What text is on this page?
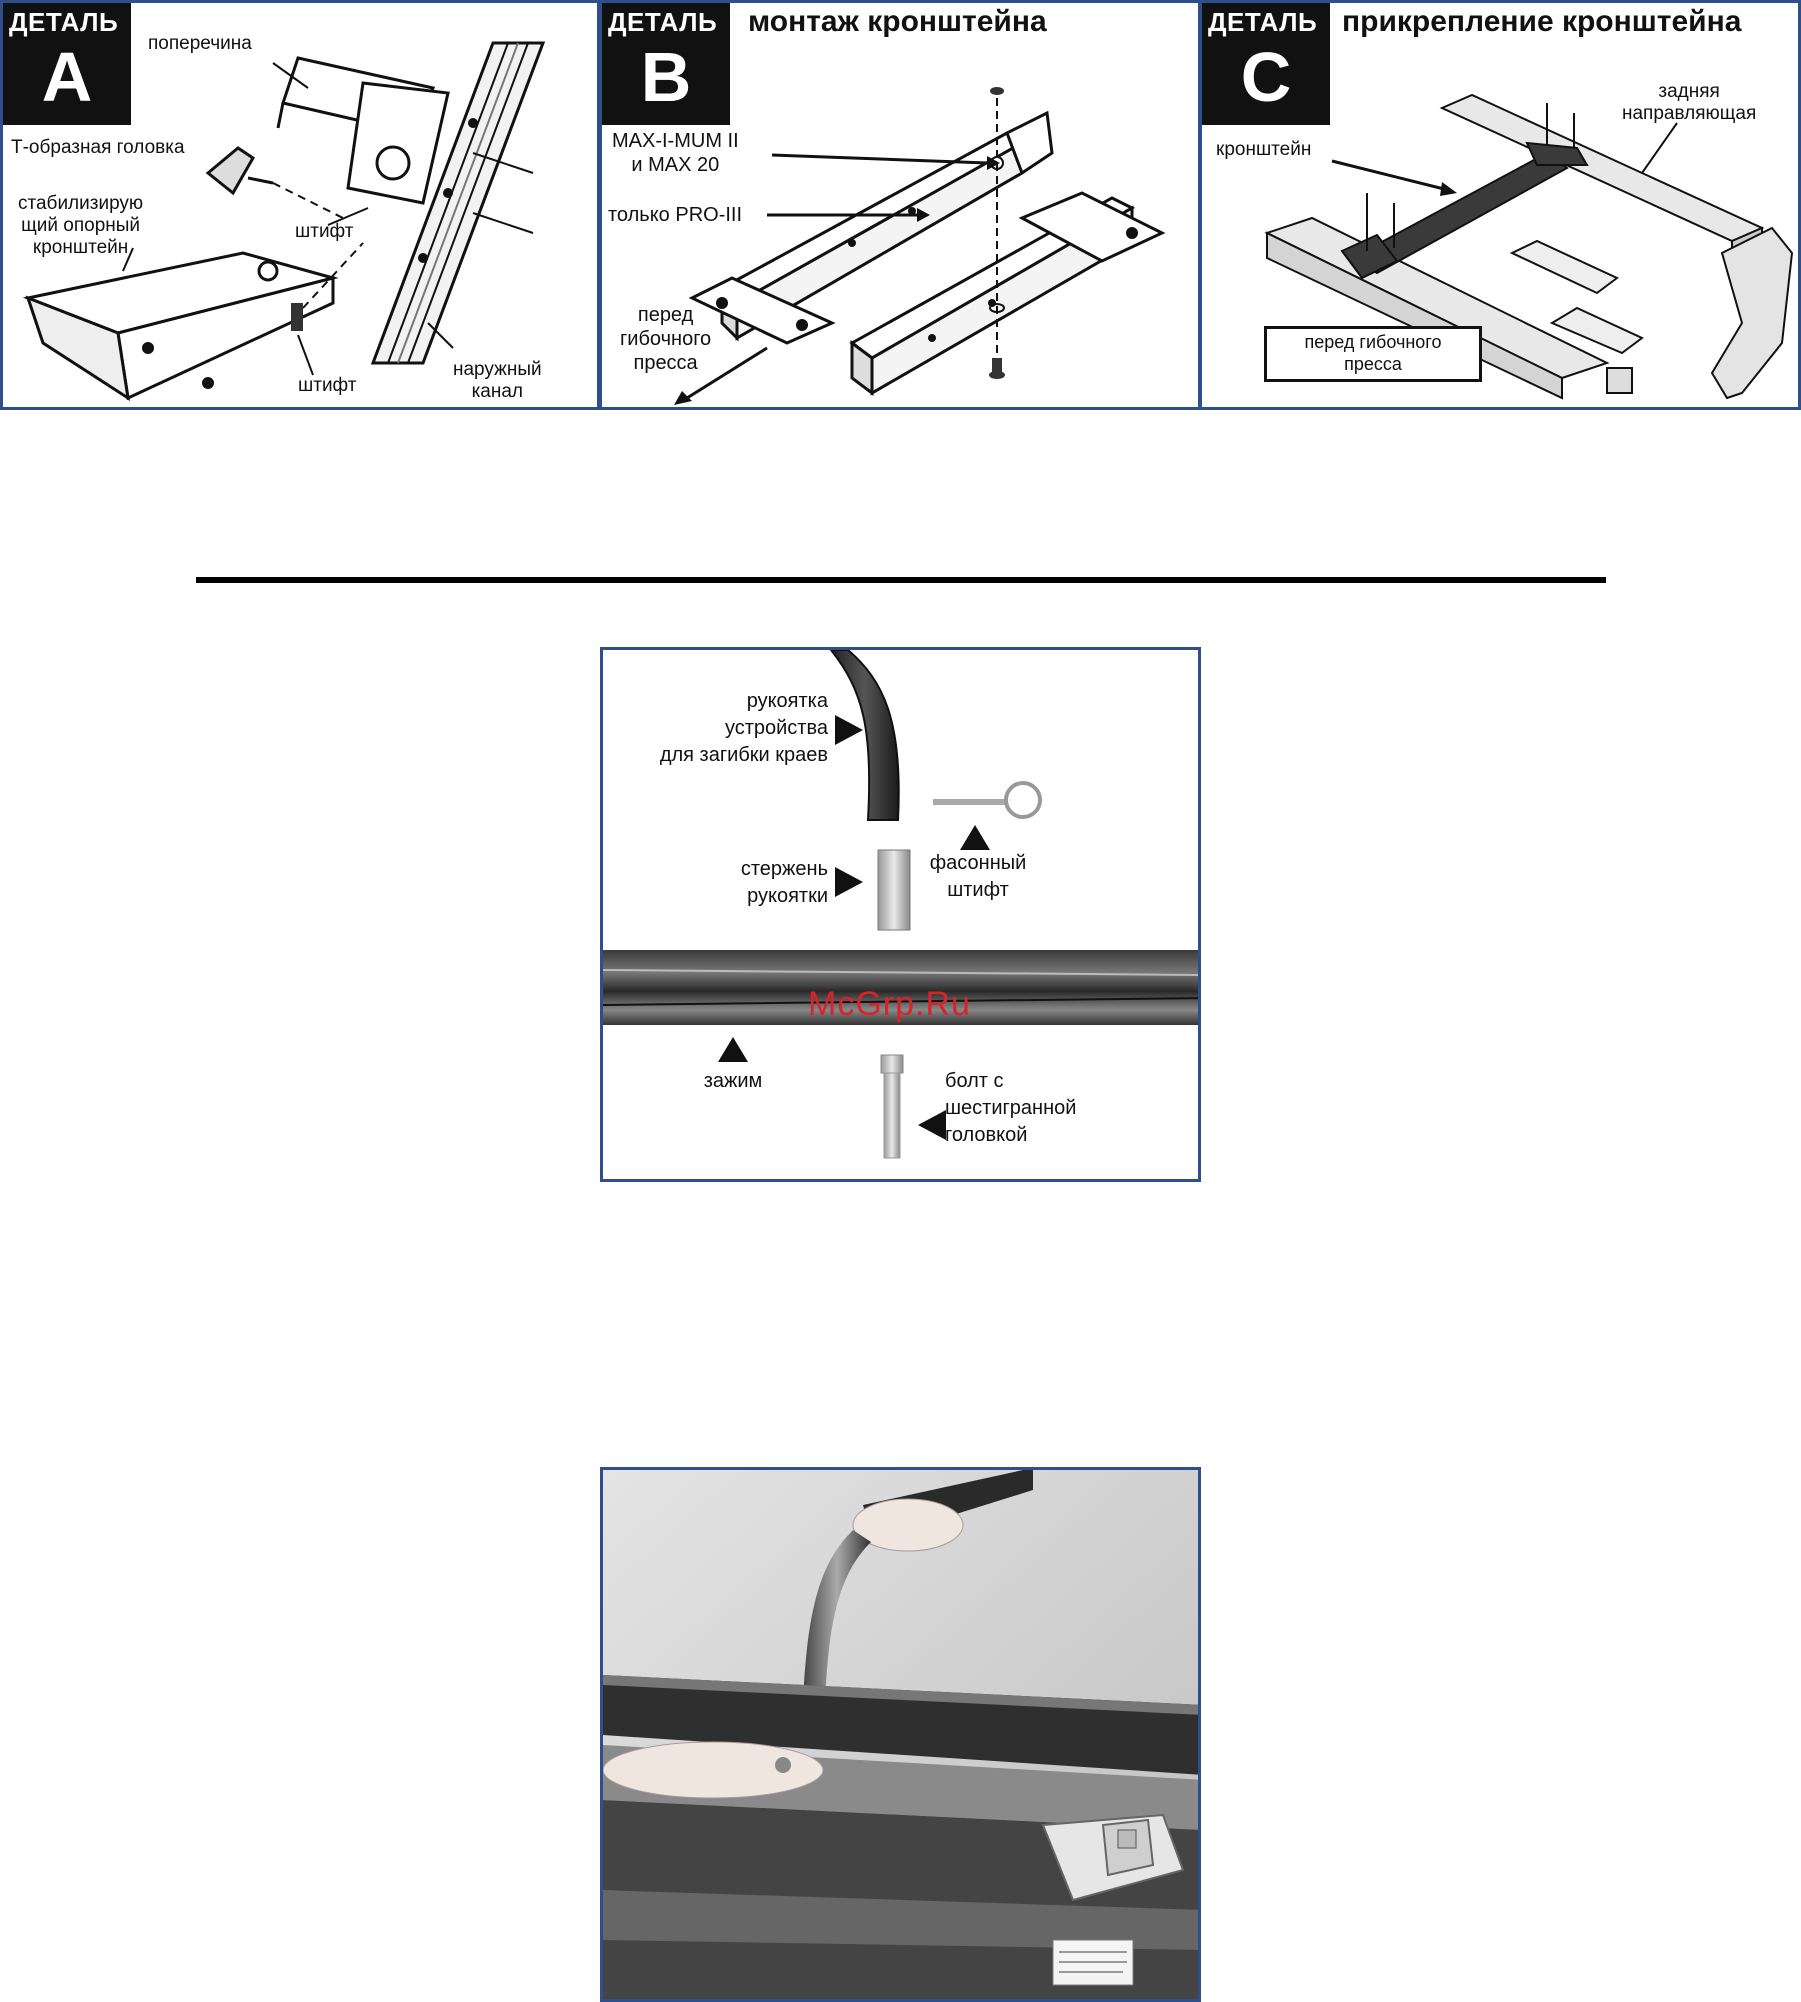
ДЕТАЛЬ
A	поперечина
Т-образная головка
стабилизирую
щий опорный
кронштейн
штифт
штифт
наружный
канал
ДЕТАЛЬ
B
монтаж кронштейна
MAX-I-MUM II
и MAX 20
только PRO-III
перед
гибочного
пресса
ДЕТАЛЬ
C
прикрепление кронштейна
задняя
направляющая
кронштейн
перед гибочного
пресса
рукоятка
устройства
для загибки краев
фасонный
штифт
стержень
рукоятки
зажим	болт с
шестигранной
головкой
McGrp.Ru
